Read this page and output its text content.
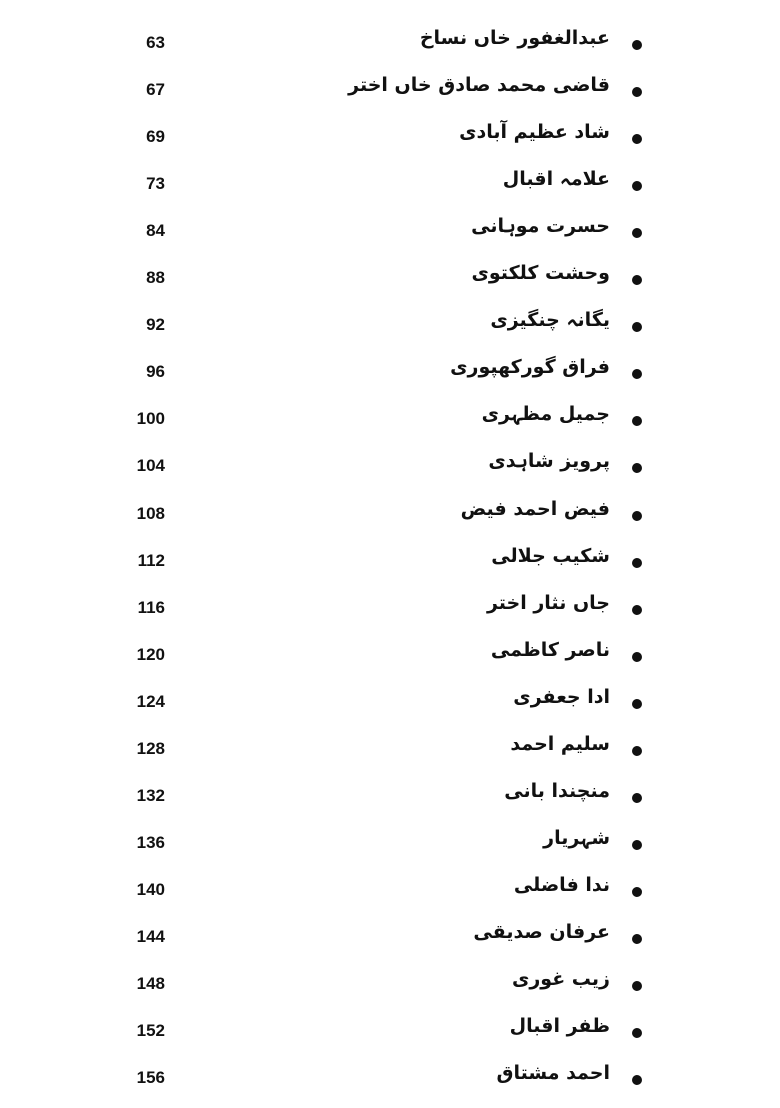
63	عبدالغفور خاں نساخ
67	قاضی محمد صادق خاں اختر
69	شاد عظیم آبادی
73	علامہ اقبال
84	حسرت موہانی
88	وحشت کلکتوی
92	یگانہ چنگیزی
96	فراق گورکھپوری
100	جمیل مظہری
104	پرویز شاہدی
108	فیض احمد فیض
112	شکیب جلالی
116	جاں نثار اختر
120	ناصر کاظمی
124	ادا جعفری
128	سلیم احمد
132	منچندا بانی
136	شہریار
140	ندا فاضلی
144	عرفان صدیقی
148	زیب غوری
152	ظفر اقبال
156	احمد مشتاق
